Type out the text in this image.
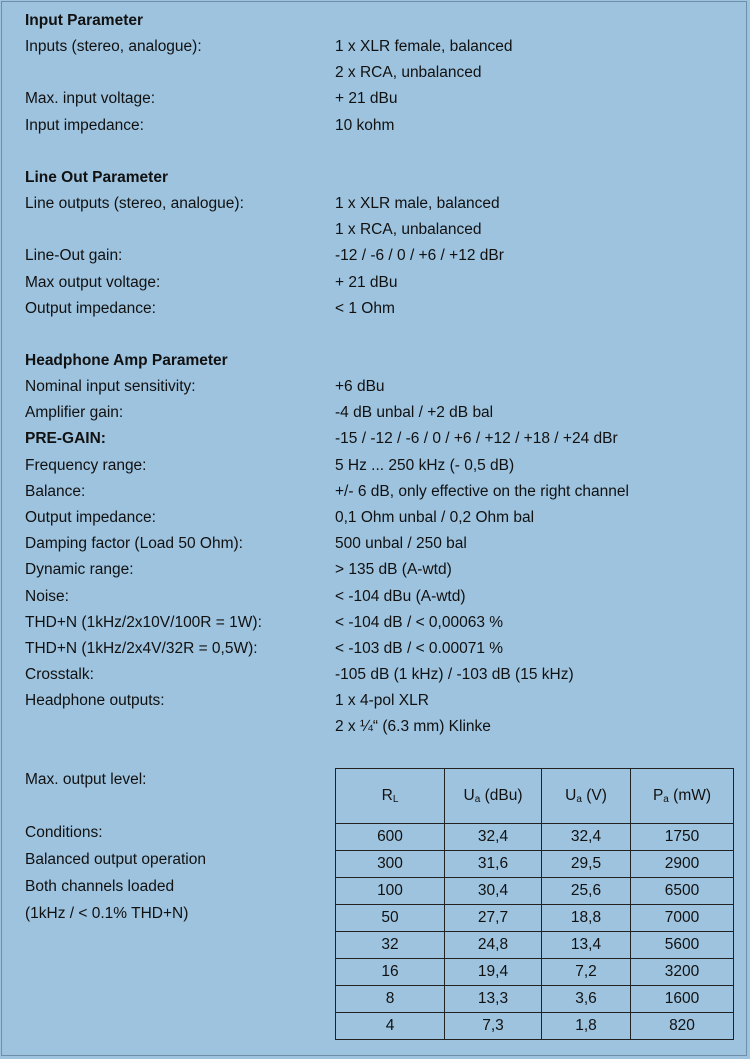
Input Parameter
Inputs (stereo, analogue):	1 x XLR female, balanced
2 x RCA, unbalanced
Max. input voltage:	+ 21 dBu
Input impedance:	10 kohm
Line Out Parameter
Line outputs (stereo, analogue):	1 x XLR male, balanced
1 x RCA, unbalanced
Line-Out gain:	-12 / -6 / 0 / +6 / +12 dBr
Max output voltage:	+ 21 dBu
Output impedance:	< 1 Ohm
Headphone Amp Parameter
Nominal input sensitivity:	+6 dBu
Amplifier gain:	-4 dB unbal / +2 dB bal
PRE-GAIN:	-15 / -12 / -6 / 0 / +6 / +12 / +18 / +24 dBr
Frequency range:	5 Hz ... 250 kHz (- 0,5 dB)
Balance:	+/- 6 dB, only effective on the right channel
Output impedance:	0,1 Ohm unbal / 0,2 Ohm bal
Damping factor (Load 50 Ohm):	500 unbal / 250 bal
Dynamic range:	> 135 dB (A-wtd)
Noise:	< -104 dBu (A-wtd)
THD+N (1kHz/2x10V/100R = 1W):	< -104 dB / < 0,00063 %
THD+N (1kHz/2x4V/32R = 0,5W):	< -103 dB / < 0.00071 %
Crosstalk:	-105 dB (1 kHz) / -103 dB (15 kHz)
Headphone outputs:	1 x 4-pol XLR
2 x ¼“ (6.3 mm) Klinke
Max. output level:
Conditions:
Balanced output operation
Both channels loaded
(1kHz / < 0.1% THD+N)
$R_L$	$U_a$ (dBu)	$U_a$ (V)	$P_a$ (mW)
600	32,4	32,4	1750
300	31,6	29,5	2900
100	30,4	25,6	6500
50	27,7	18,8	7000
32	24,8	13,4	5600
16	19,4	7,2	3200
8	13,3	3,6	1600
4	7,3	1,8	820
